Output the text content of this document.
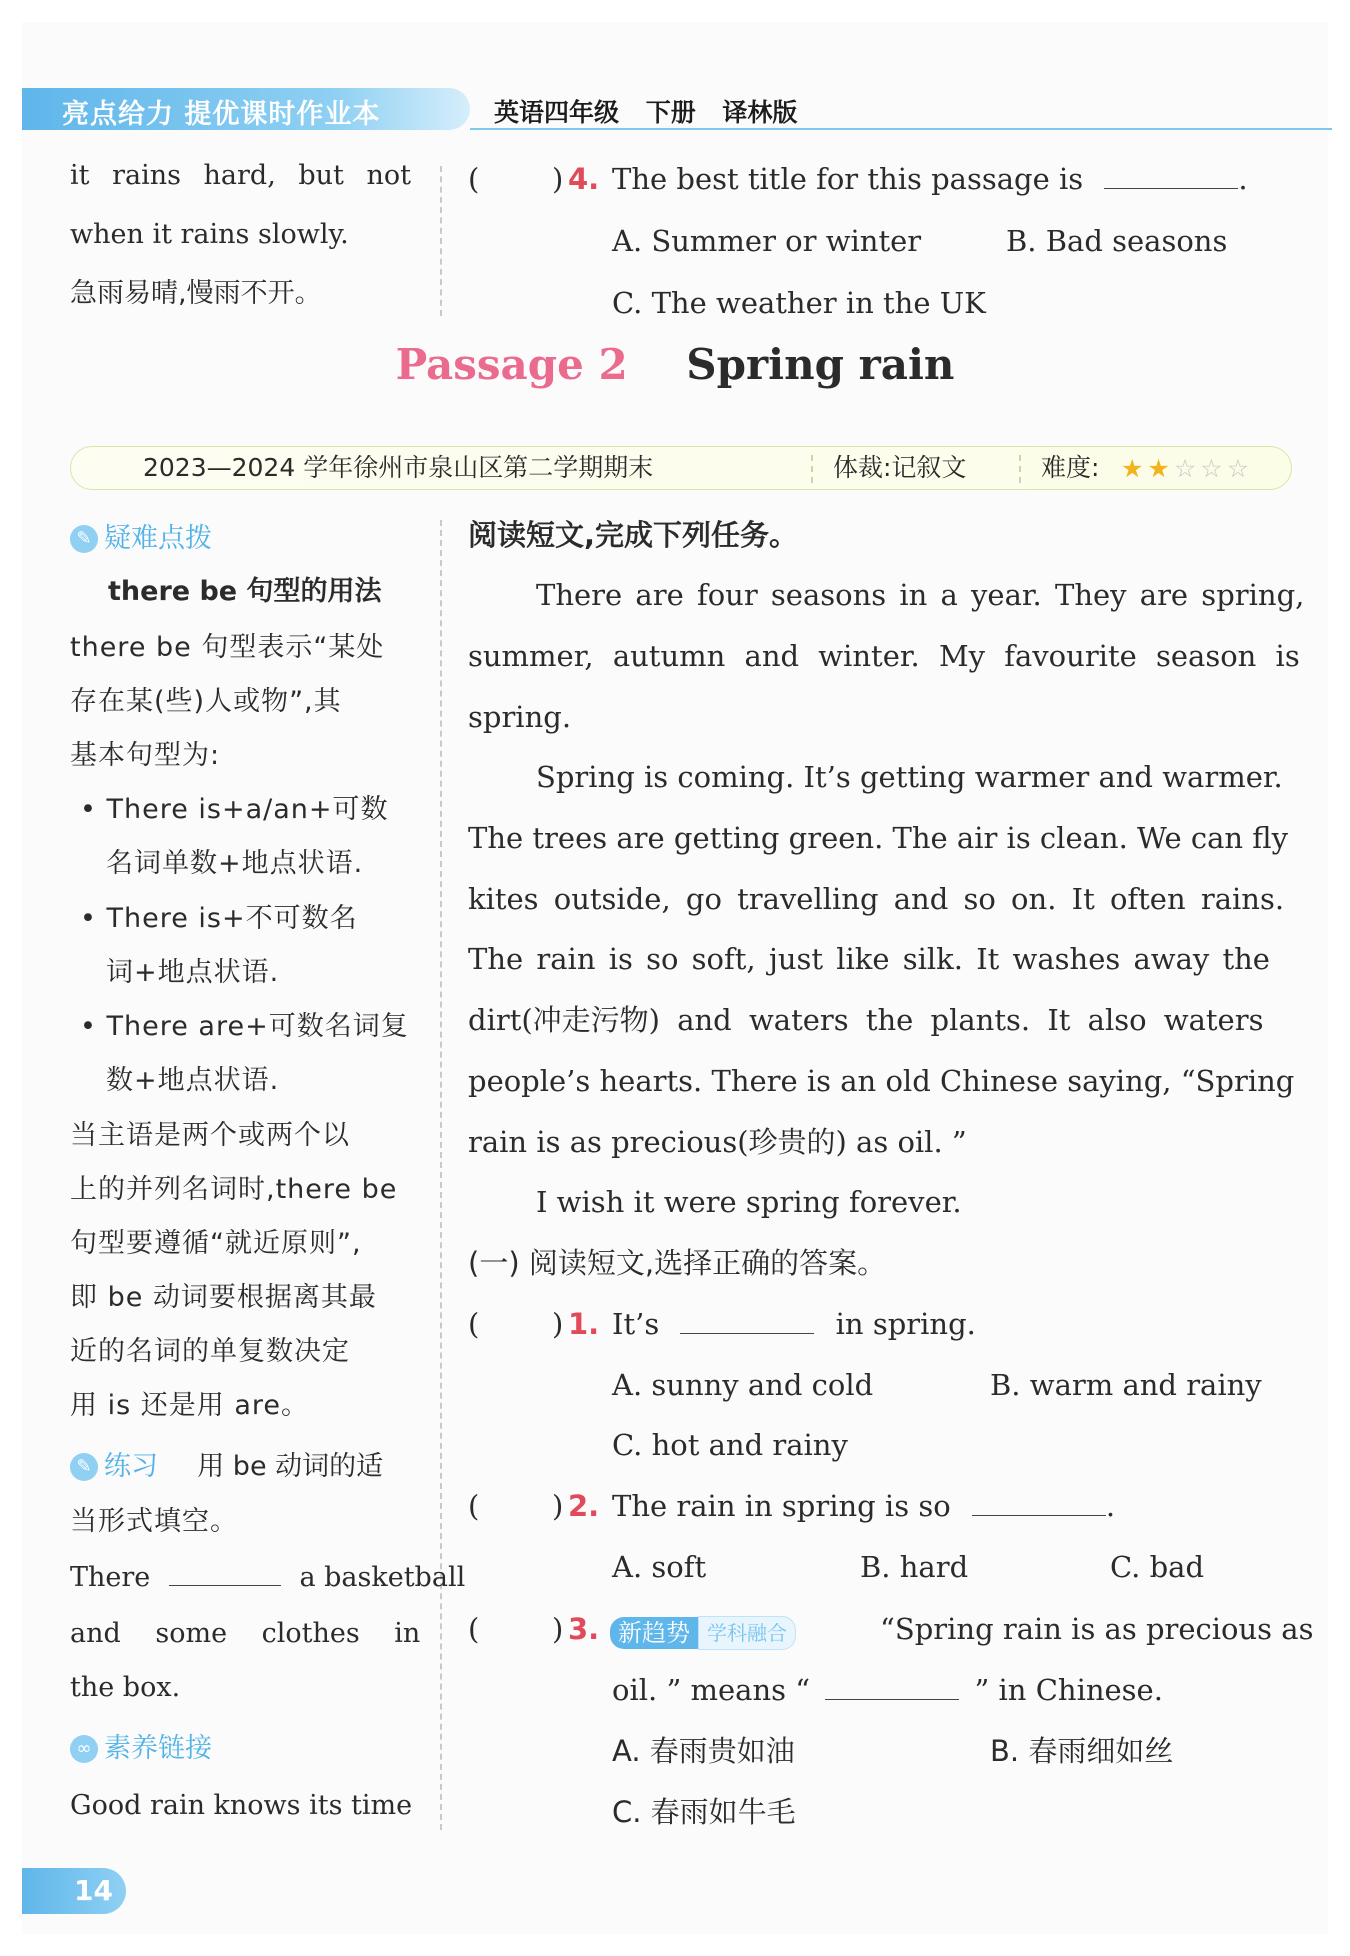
亮点给力 提优课时作业本	英语四年级 下册 译林版
it rains hard, but not
when it rains slowly.
急雨易晴,慢雨不开。
(	) 4. The best title for this passage is	.
A. Summer or winter	B. Bad seasons
C. The weather in the UK
Passage 2 Spring rain
2023—2024 学年徐州市泉山区第二学期期末	体裁:记叙文	难度: ★★☆☆☆
✎ 疑难点拨
there be 句型的用法
there be 句型表示“某处
存在某(些)人或物”,其
基本句型为:
• There is+a/an+可数
名词单数+地点状语.
• There is+不可数名
词+地点状语.
• There are+可数名词复
数+地点状语.
当主语是两个或两个以
上的并列名词时,there be
句型要遵循“就近原则”,
即 be 动词要根据离其最
近的名词的单复数决定
用 is 还是用 are。
✎ 练习 用 be 动词的适
当形式填空。
There	a basketball
and some clothes in
the box.
∞ 素养链接
Good rain knows its time
阅读短文,完成下列任务。
There are four seasons in a year. They are spring,
summer, autumn and winter. My favourite season is
spring.
Spring is coming. It’s getting warmer and warmer.
The trees are getting green. The air is clean. We can fly
kites outside, go travelling and so on. It often rains.
The rain is so soft, just like silk. It washes away the
dirt(冲走污物) and waters the plants. It also waters
people’s hearts. There is an old Chinese saying, “Spring
rain is as precious(珍贵的) as oil. ”
I wish it were spring forever.
(一) 阅读短文,选择正确的答案。
(	) 1. It’s	in spring.
A. sunny and cold	B. warm and rainy
C. hot and rainy
(	) 2. The rain in spring is so	.
A. soft	B. hard	C. bad
(	) 3. 新趋势 学科融合	“Spring rain is as precious as
oil. ” means “	” in Chinese.
A. 春雨贵如油	B. 春雨细如丝
C. 春雨如牛毛
14
